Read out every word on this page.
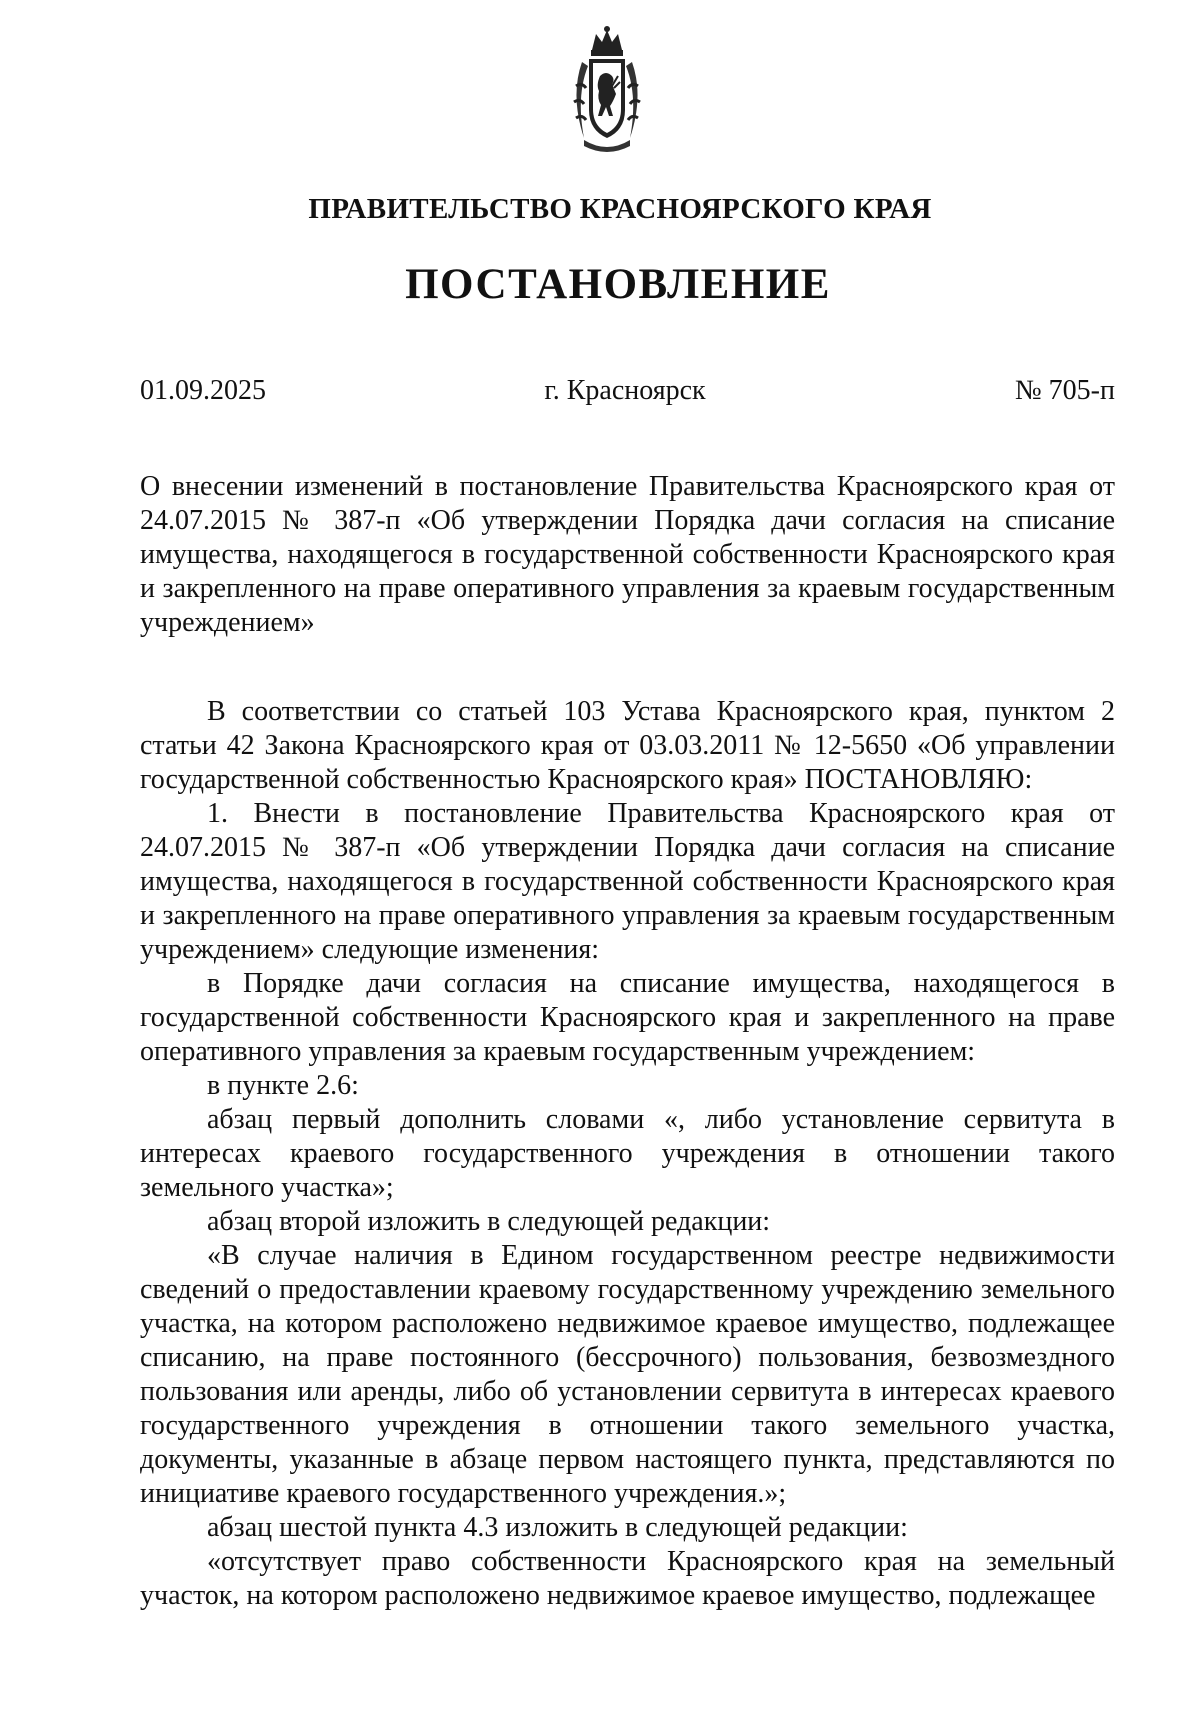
ПРАВИТЕЛЬСТВО КРАСНОЯРСКОГО КРАЯ
ПОСТАНОВЛЕНИЕ
01.09.2025	г. Красноярск	№ 705-п

О внесении изменений в постановление Правительства Красноярского края от 24.07.2015 № 387-п «Об утверждении Порядка дачи согласия на списание имущества, находящегося в государственной собственности Красноярского края и закрепленного на праве оперативного управления за краевым государственным учреждением»

В соответствии со статьей 103 Устава Красноярского края, пунктом 2 статьи 42 Закона Красноярского края от 03.03.2011 № 12-5650 «Об управлении государственной собственностью Красноярского края» ПОСТАНОВЛЯЮ:

1. Внести в постановление Правительства Красноярского края от 24.07.2015 № 387-п «Об утверждении Порядка дачи согласия на списание имущества, находящегося в государственной собственности Красноярского края и закрепленного на праве оперативного управления за краевым государственным учреждением» следующие изменения:

в Порядке дачи согласия на списание имущества, находящегося в государственной собственности Красноярского края и закрепленного на праве оперативного управления за краевым государственным учреждением:

в пункте 2.6:

абзац первый дополнить словами «, либо установление сервитута в интересах краевого государственного учреждения в отношении такого земельного участка»;

абзац второй изложить в следующей редакции:

«В случае наличия в Едином государственном реестре недвижимости сведений о предоставлении краевому государственному учреждению земельного участка, на котором расположено недвижимое краевое имущество, подлежащее списанию, на праве постоянного (бессрочного) пользования, безвозмездного пользования или аренды, либо об установлении сервитута в интересах краевого государственного учреждения в отношении такого земельного участка, документы, указанные в абзаце первом настоящего пункта, представляются по инициативе краевого государственного учреждения.»;

абзац шестой пункта 4.3 изложить в следующей редакции:

«отсутствует право собственности Красноярского края на земельный участок, на котором расположено недвижимое краевое имущество, подлежащее
